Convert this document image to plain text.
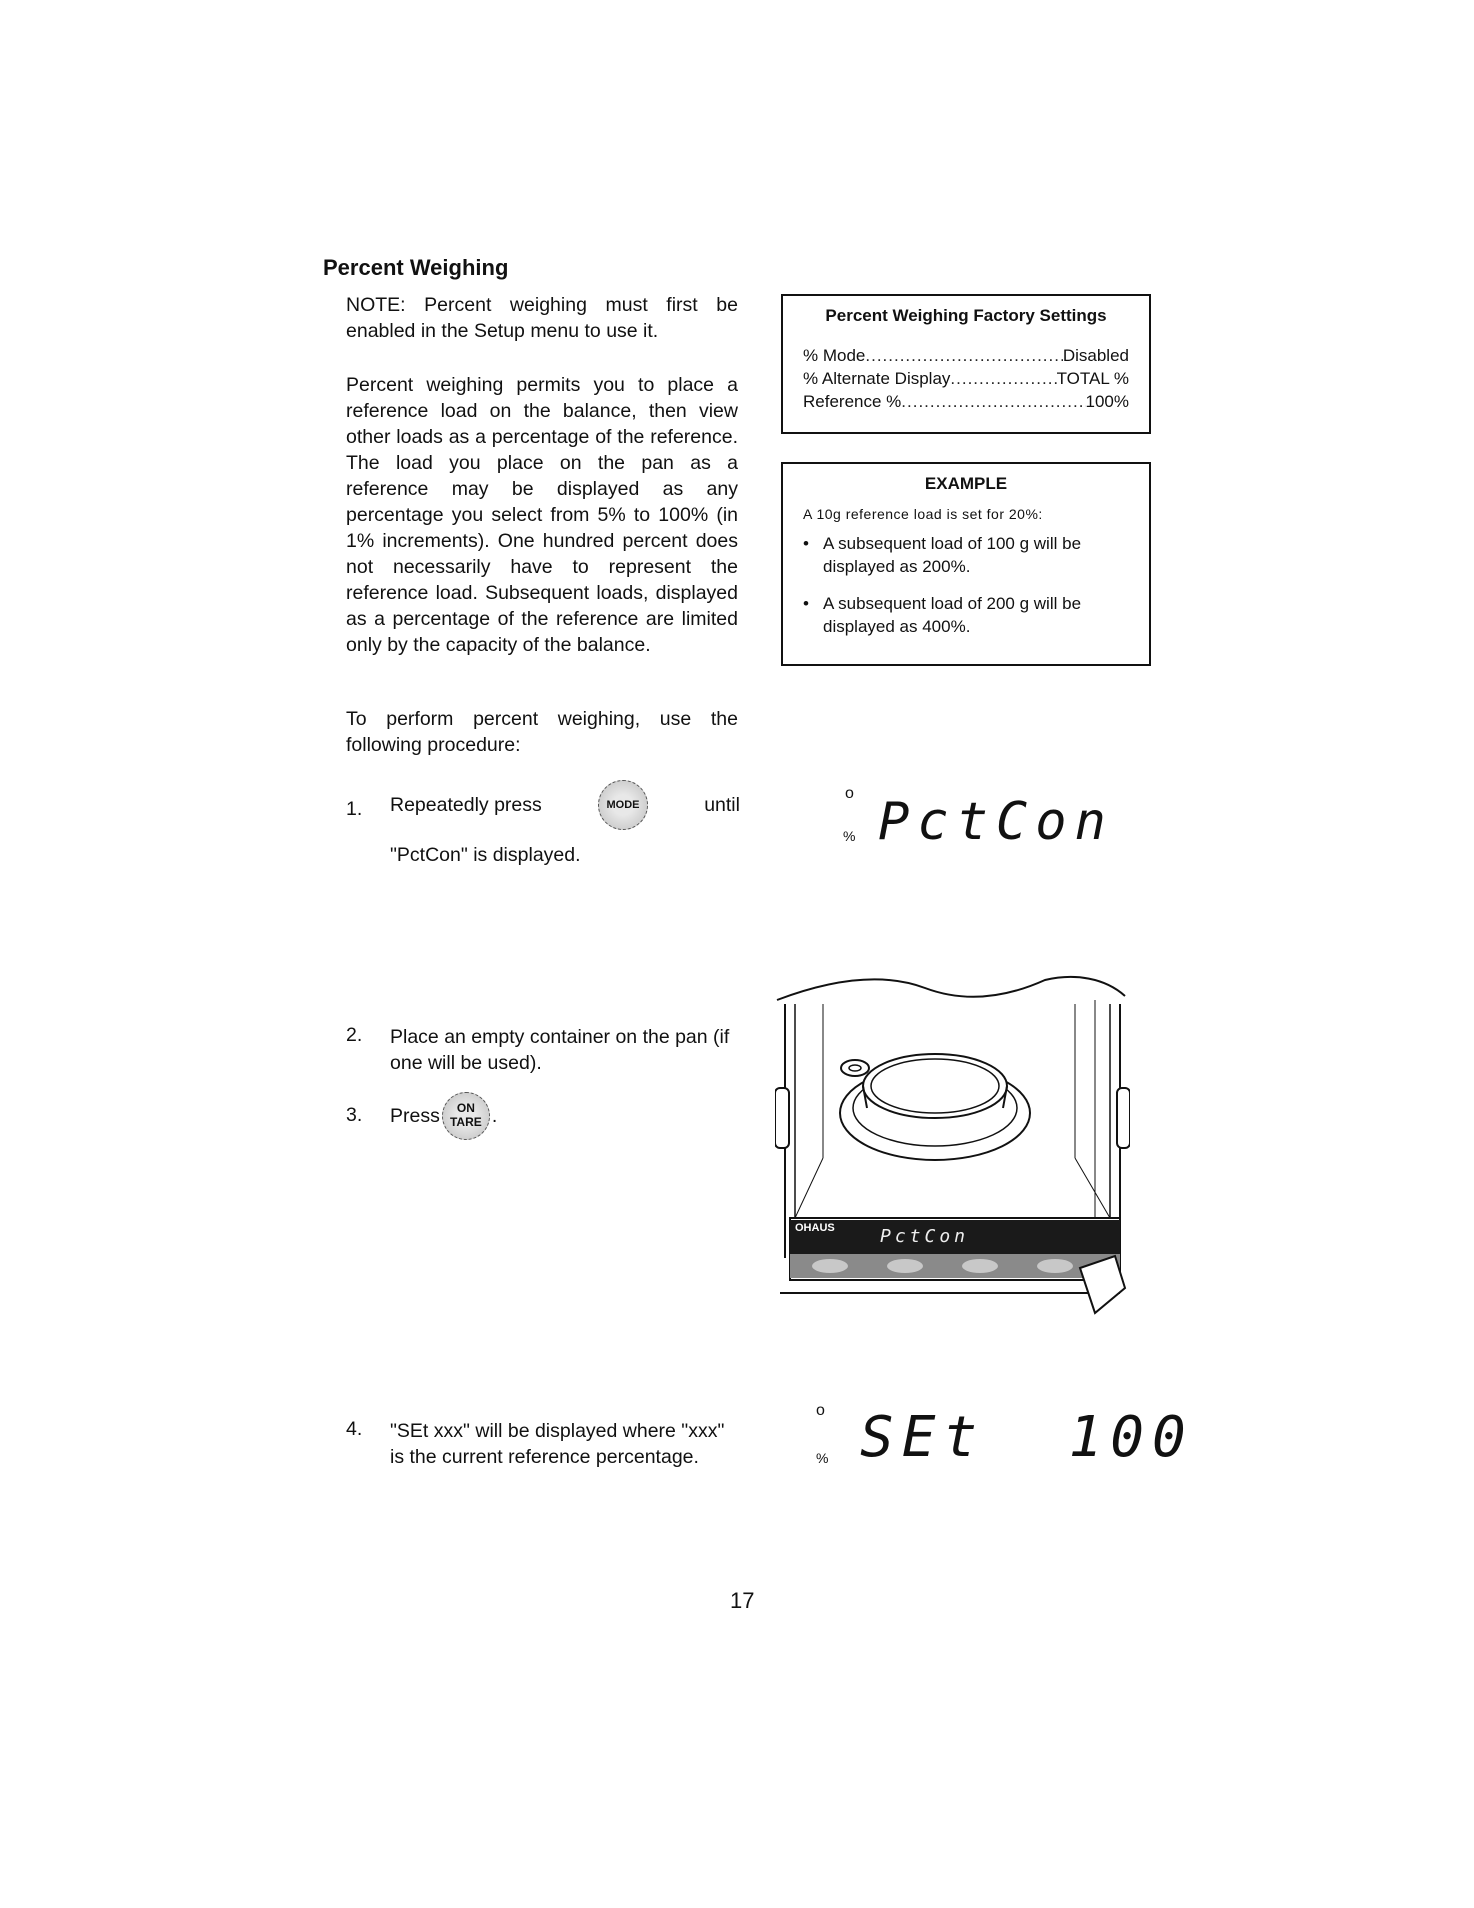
Percent Weighing
NOTE: Percent weighing must first be enabled in the Setup menu to use it.
Percent weighing permits you to place a reference load on the balance, then view other loads as a percentage of the reference. The load you place on the pan as a reference may be displayed as any percentage you select from 5% to 100% (in 1% increments). One hundred percent does not necessarily have to represent the reference load. Subsequent loads, displayed as a percentage of the reference are limited only by the capacity of the balance.
To perform percent weighing, use the following procedure:
Percent Weighing Factory Settings
% Mode .....	Disabled
% Alternate Display .....	TOTAL %
Reference % .....	100%
EXAMPLE
A 10g reference load is set for 20%:
• A subsequent load of 100 g will be displayed as 200%.
• A subsequent load of 200 g will be displayed as 400%.
1. Repeatedly press	MODE	until
"PctCon" is displayed.
o
% PctCon
2. Place an empty container on the pan (if one will be used).
3. Press	ON
TARE .
OHAUS	PctCon
4. "SEt xxx" will be displayed where "xxx" is the current reference percentage.
o
% SEt  100
17
